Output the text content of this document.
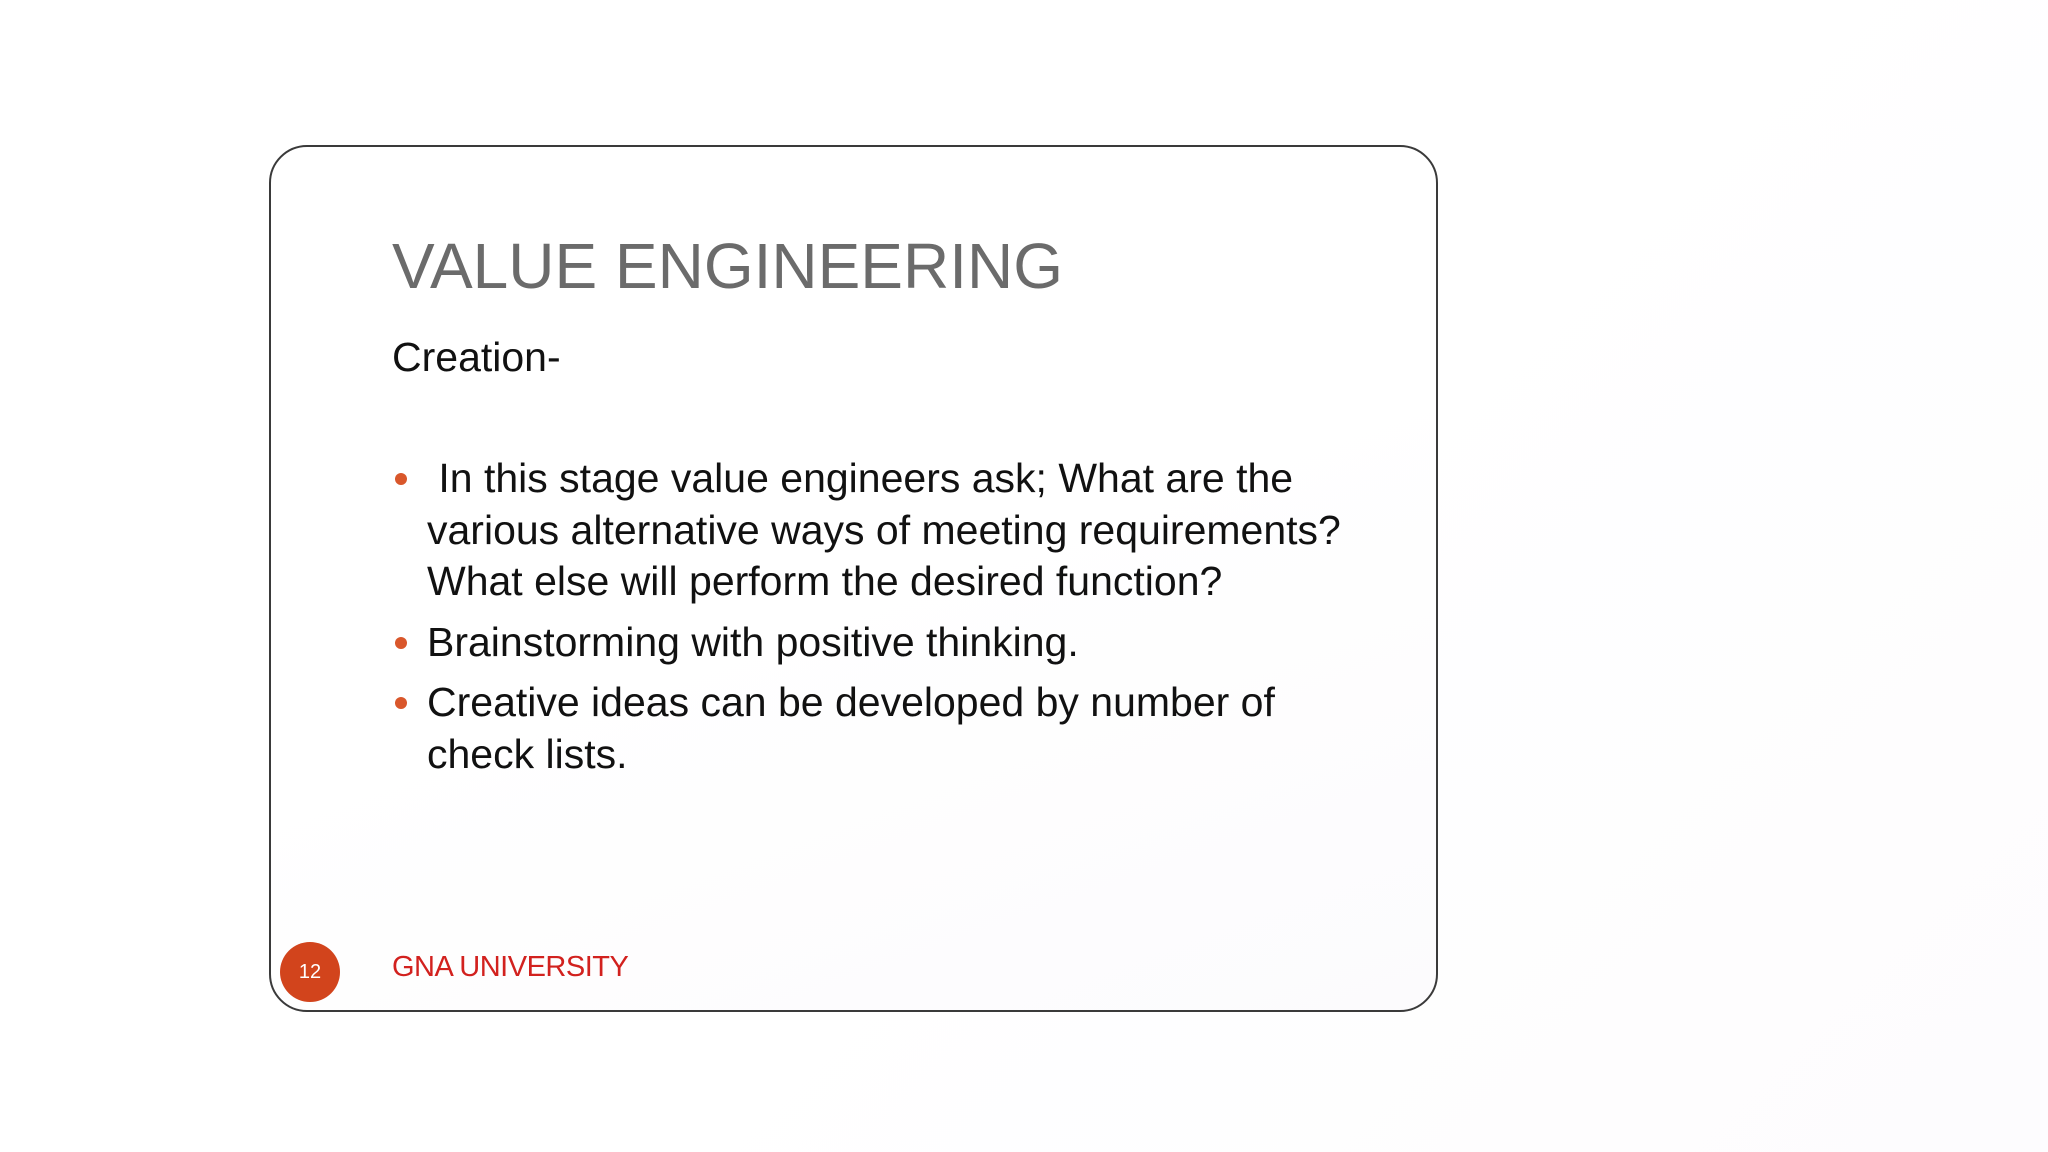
VALUE ENGINEERING

Creation-

In this stage value engineers ask; What are the various alternative ways of meeting requirements? What else will perform the desired function?
Brainstorming with positive thinking.
Creative ideas can be developed by number of check lists.
12 GNA UNIVERSITY
